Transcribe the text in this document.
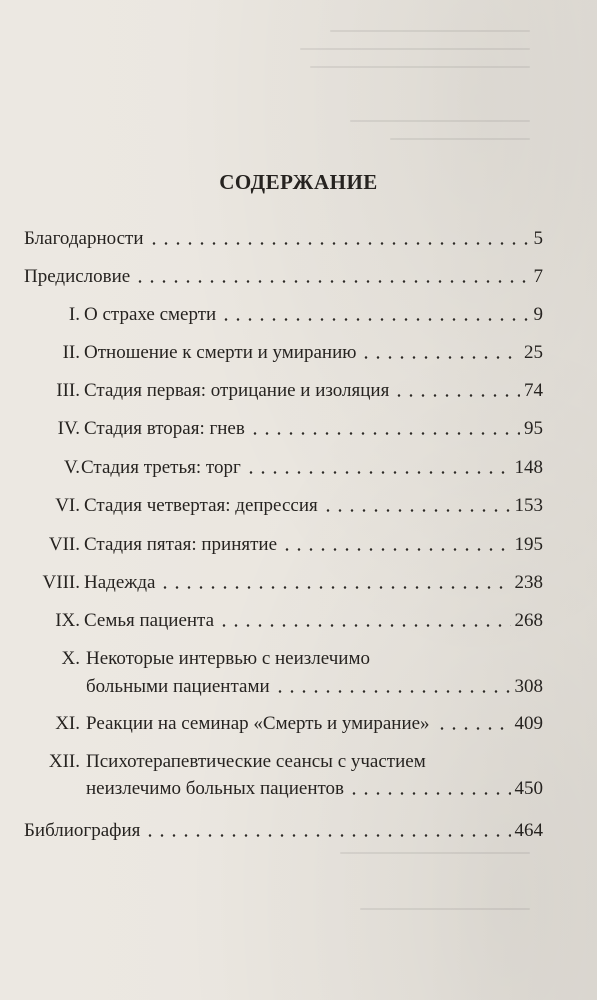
СОДЕРЖАНИЕ
Благодарности	5
Предисловие	7
I. О страхе смерти	9
II. Отношение к смерти и умиранию	25
III. Стадия первая: отрицание и изоляция	74
IV. Стадия вторая: гнев	95
V. Стадия третья: торг	148
VI. Стадия четвертая: депрессия	153
VII. Стадия пятая: принятие	195
VIII. Надежда	238
IX. Семья пациента	268
X. Некоторые интервью с неизлечимо
больными пациентами	308
XI. Реакции на семинар «Смерть и умирание»	409
XII. Психотерапевтические сеансы с участием
неизлечимо больных пациентов	450
Библиография	464
